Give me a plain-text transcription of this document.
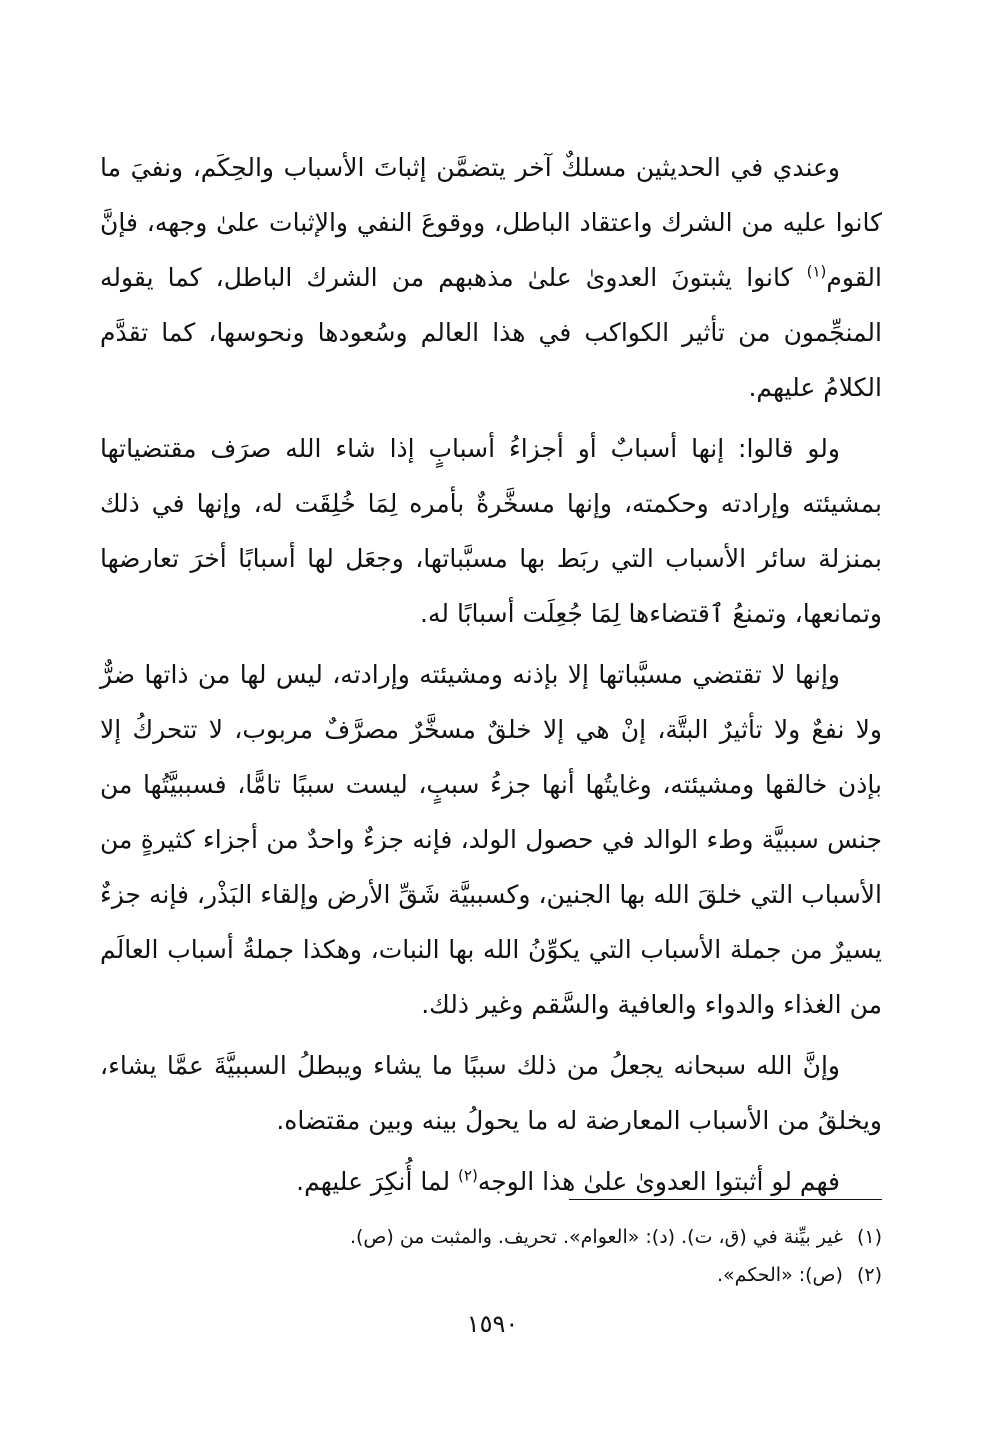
وعندي في الحديثين مسلكٌ آخر يتضمَّن إثباتَ الأسباب والحِكَم، ونفيَ ما كانوا عليه من الشرك واعتقاد الباطل، ووقوعَ النفي والإثبات علىٰ وجهه، فإنَّ القوم$^{(١)}$ كانوا يثبتونَ العدوىٰ علىٰ مذهبهم من الشرك الباطل، كما يقوله المنجِّمون من تأثير الكواكب في هذا العالم وسُعودها ونحوسها، كما تقدَّم الكلامُ عليهم.

ولو قالوا: إنها أسبابٌ أو أجزاءُ أسبابٍ إذا شاء الله صرَف مقتضياتها بمشيئته وإرادته وحكمته، وإنها مسخَّرةٌ بأمره لِمَا خُلِقَت له، وإنها في ذلك بمنزلة سائر الأسباب التي ربَط بها مسبَّباتها، وجعَل لها أسبابًا أخرَ تعارضها وتمانعها، وتمنعُ ٱقتضاءها لِمَا جُعِلَت أسبابًا له.

وإنها لا تقتضي مسبَّباتها إلا بإذنه ومشيئته وإرادته، ليس لها من ذاتها ضرٌّ ولا نفعٌ ولا تأثيرٌ البتَّة، إنْ هي إلا خلقٌ مسخَّرٌ مصرَّفٌ مربوب، لا تتحركُ إلا بإذن خالقها ومشيئته، وغايتُها أنها جزءُ سببٍ، ليست سببًا تامًّا، فسببيَّتُها من جنس سببيَّة وطء الوالد في حصول الولد، فإنه جزءٌ واحدٌ من أجزاء كثيرةٍ من الأسباب التي خلقَ الله بها الجنين، وكسببيَّة شَقِّ الأرض وإلقاء البَذْر، فإنه جزءٌ يسيرٌ من جملة الأسباب التي يكوِّنُ الله بها النبات، وهكذا جملةُ أسباب العالَم من الغذاء والدواء والعافية والسَّقم وغير ذلك.

وإنَّ الله سبحانه يجعلُ من ذلك سببًا ما يشاء ويبطلُ السببيَّةَ عمَّا يشاء، ويخلقُ من الأسباب المعارضة له ما يحولُ بينه وبين مقتضاه.

فهم لو أثبتوا العدوىٰ علىٰ هذا الوجه$^{(٢)}$ لما أُنكِرَ عليهم.

(١)غير بيِّنة في (ق، ت). (د): «العوام». تحريف. والمثبت من (ص).

(٢)(ص): «الحكم».

١٥٩٠
